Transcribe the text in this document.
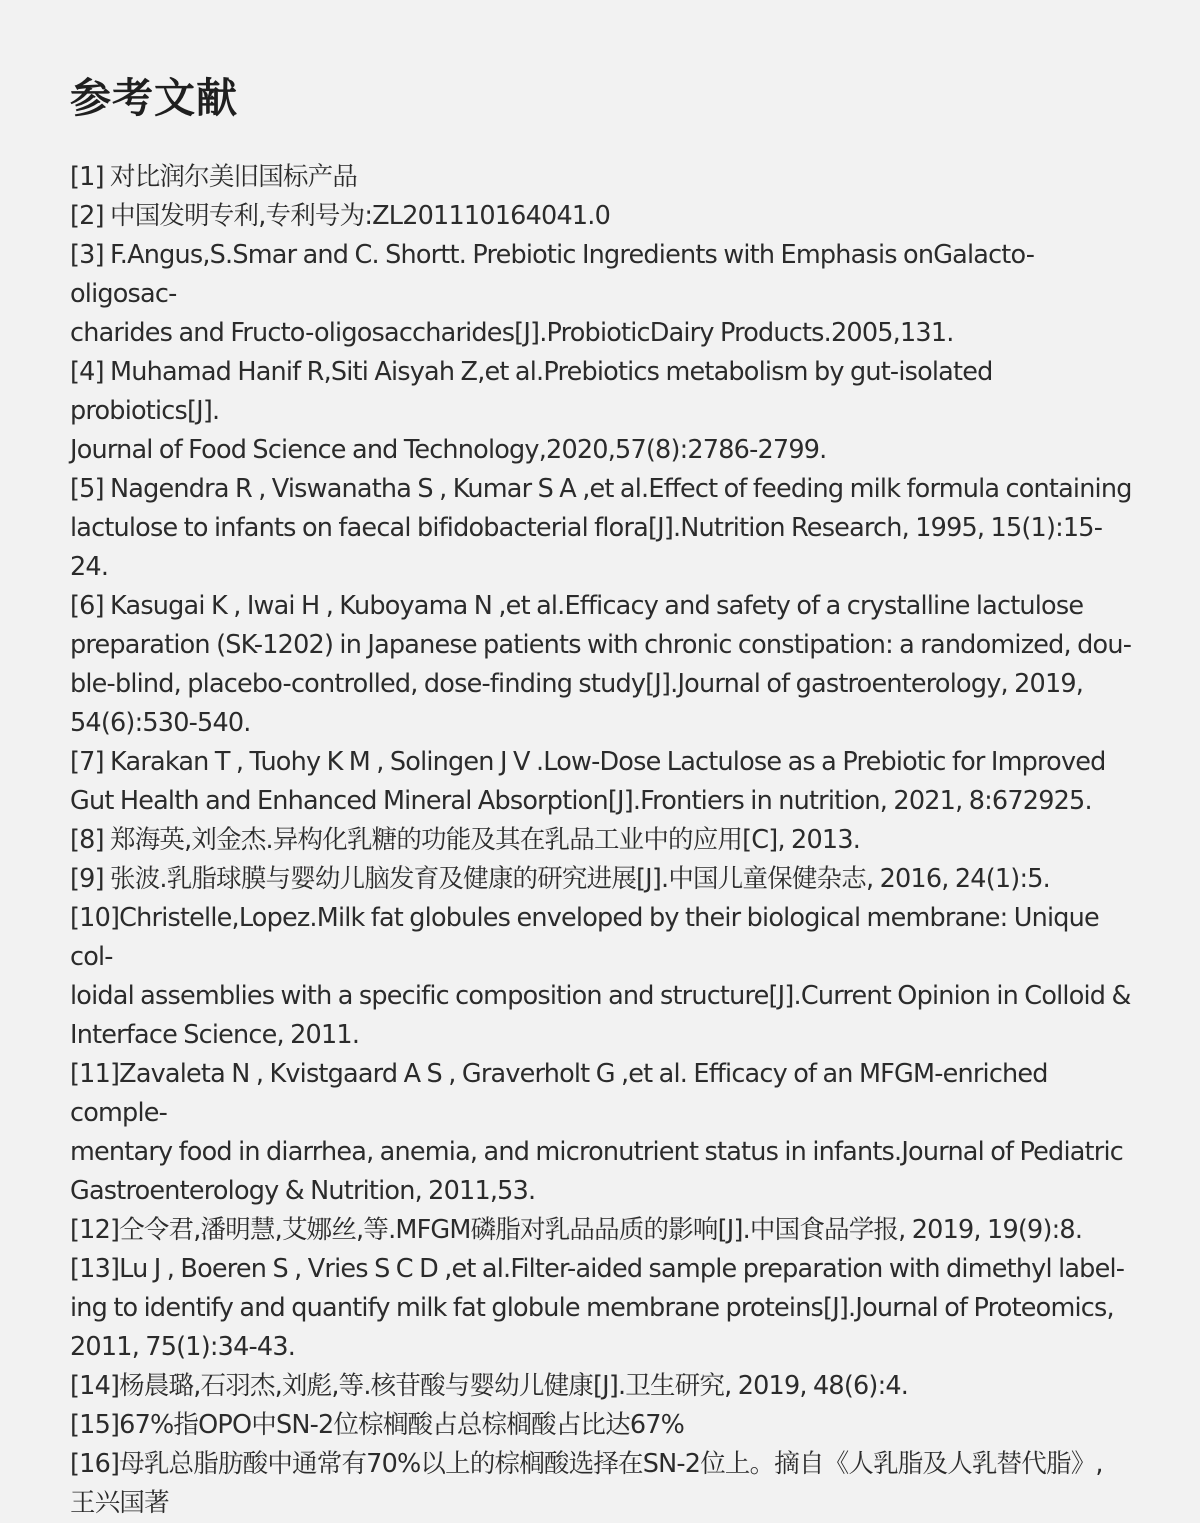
参考文献
[1] 对比润尔美旧国标产品
[2] 中国发明专利,专利号为:ZL201110164041.0
[3] F.Angus,S.Smar and C. Shortt. Prebiotic Ingredients with Emphasis onGalacto-oligosac-
charides and Fructo-oligosaccharides[J].ProbioticDairy Products.2005,131.
[4] Muhamad Hanif R,Siti Aisyah Z,et al.Prebiotics metabolism by gut-isolated probiotics[J].
Journal of Food Science and Technology,2020,57(8):2786-2799.
[5] Nagendra R , Viswanatha S , Kumar S A ,et al.Effect of feeding milk formula containing
lactulose to infants on faecal bifidobacterial flora[J].Nutrition Research, 1995, 15(1):15-24.
[6] Kasugai K , Iwai H , Kuboyama N ,et al.Efficacy and safety of a crystalline lactulose
preparation (SK-1202) in Japanese patients with chronic constipation: a randomized, dou-
ble-blind, placebo-controlled, dose-finding study[J].Journal of gastroenterology, 2019,
54(6):530-540.
[7] Karakan T , Tuohy K M , Solingen J V .Low-Dose Lactulose as a Prebiotic for Improved
Gut Health and Enhanced Mineral Absorption[J].Frontiers in nutrition, 2021, 8:672925.
[8] 郑海英,刘金杰.异构化乳糖的功能及其在乳品工业中的应用[C], 2013.
[9] 张波.乳脂球膜与婴幼儿脑发育及健康的研究进展[J].中国儿童保健杂志, 2016, 24(1):5.
[10]Christelle,Lopez.Milk fat globules enveloped by their biological membrane: Unique col-
loidal assemblies with a specific composition and structure[J].Current Opinion in Colloid &
Interface Science, 2011.
[11]Zavaleta N , Kvistgaard A S , Graverholt G ,et al. Efficacy of an MFGM-enriched comple-
mentary food in diarrhea, anemia, and micronutrient status in infants.Journal of Pediatric
Gastroenterology & Nutrition, 2011,53.
[12]仝令君,潘明慧,艾娜丝,等.MFGM磷脂对乳品品质的影响[J].中国食品学报, 2019, 19(9):8.
[13]Lu J , Boeren S , Vries S C D ,et al.Filter-aided sample preparation with dimethyl label-
ing to identify and quantify milk fat globule membrane proteins[J].Journal of Proteomics,
2011, 75(1):34-43.
[14]杨晨璐,石羽杰,刘彪,等.核苷酸与婴幼儿健康[J].卫生研究, 2019, 48(6):4.
[15]67%指OPO中SN-2位棕榈酸占总棕榈酸占比达67%
[16]母乳总脂肪酸中通常有70%以上的棕榈酸选择在SN-2位上。摘自《人乳脂及人乳替代脂》,
王兴国著
